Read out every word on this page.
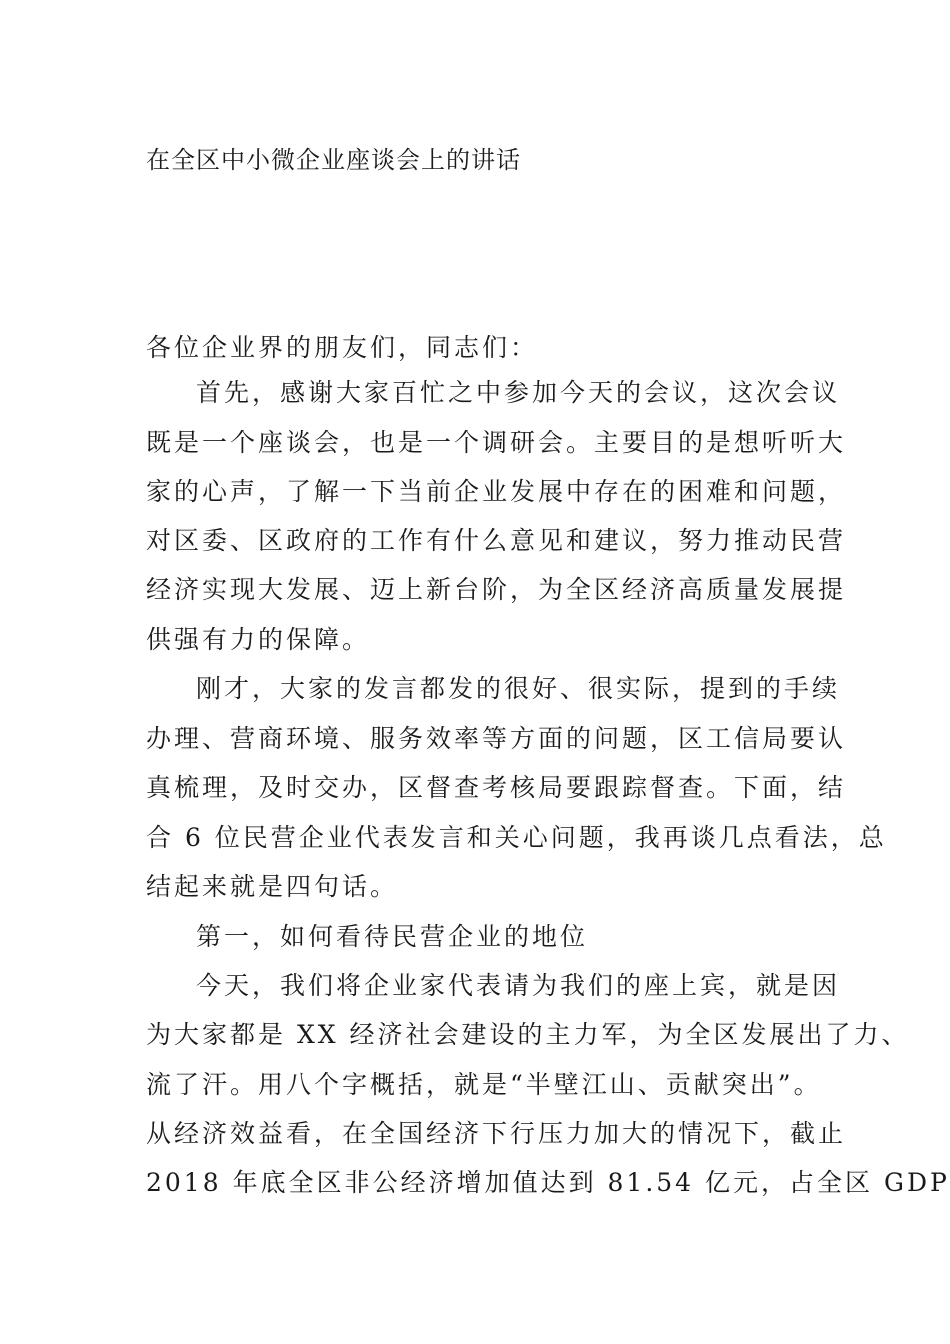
在全区中小微企业座谈会上的讲话
各位企业界的朋友们，同志们：
首先，感谢大家百忙之中参加今天的会议，这次会议
既是一个座谈会，也是一个调研会。主要目的是想听听大
家的心声，了解一下当前企业发展中存在的困难和问题，
对区委、区政府的工作有什么意见和建议，努力推动民营
经济实现大发展、迈上新台阶，为全区经济高质量发展提
供强有力的保障。
刚才，大家的发言都发的很好、很实际，提到的手续
办理、营商环境、服务效率等方面的问题，区工信局要认
真梳理，及时交办，区督查考核局要跟踪督查。下面，结
合 6 位民营企业代表发言和关心问题，我再谈几点看法，总
结起来就是四句话。
第一，如何看待民营企业的地位
今天，我们将企业家代表请为我们的座上宾，就是因
为大家都是 XX 经济社会建设的主力军，为全区发展出了力、
流了汗。用八个字概括，就是“半壁江山、贡献突出”。
从经济效益看，在全国经济下行压力加大的情况下，截止
2018 年底全区非公经济增加值达到 81.54 亿元，占全区 GDP
